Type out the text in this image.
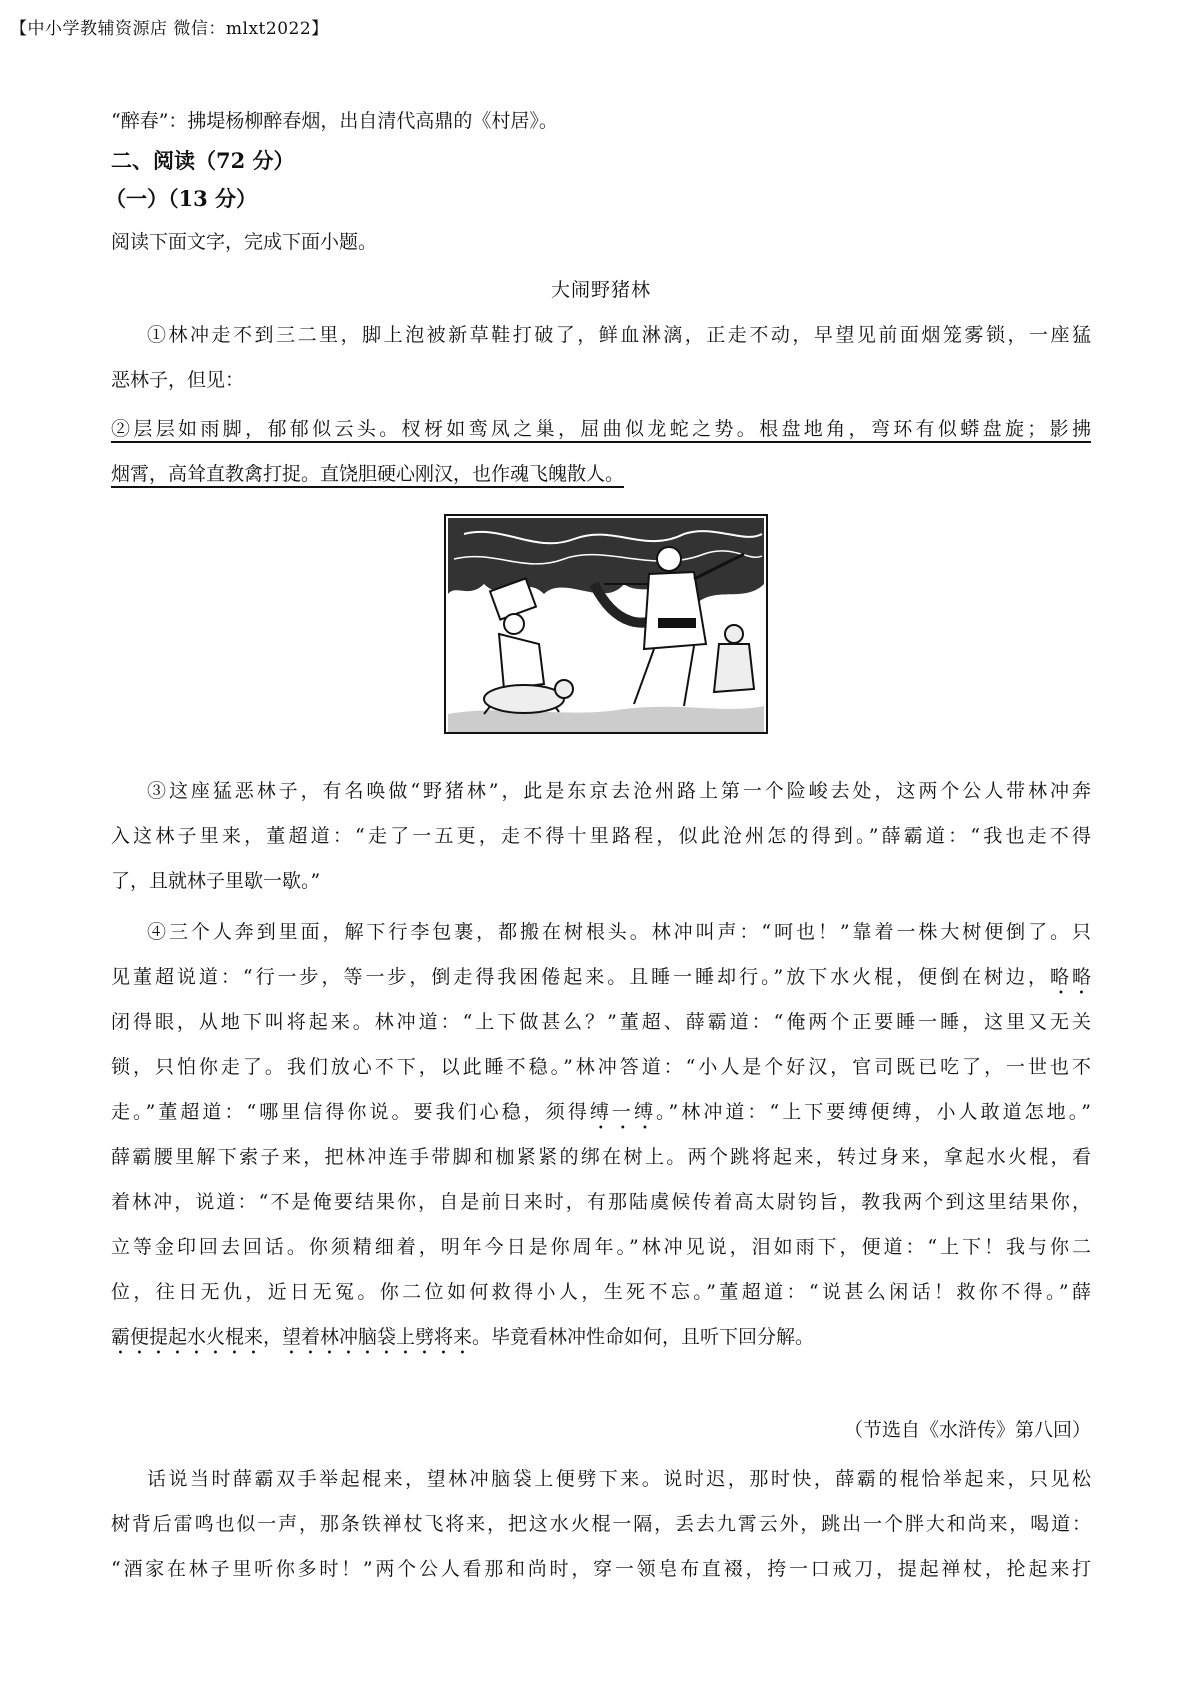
【中小学教辅资源店 微信：mlxt2022】
“醉春”：拂堤杨柳醉春烟，出自清代高鼎的《村居》。
二、阅读（72 分）
（一）（13 分）
阅读下面文字，完成下面小题。
大闹野猪林
①林冲走不到三二里，脚上泡被新草鞋打破了，鲜血淋漓，正走不动，早望见前面烟笼雾锁，一座猛
恶林子，但见：
②层层如雨脚，郁郁似云头。杈枒如鸾凤之巢，屈曲似龙蛇之势。根盘地角，弯环有似蟒盘旋；影拂
烟霄，高耸直教禽打捉。直饶胆硬心刚汉，也作魂飞魄散人。
③这座猛恶林子，有名唤做“野猪林”，此是东京去沧州路上第一个险峻去处，这两个公人带林冲奔
入这林子里来，董超道：“走了一五更，走不得十里路程，似此沧州怎的得到。”薛霸道：“我也走不得
了，且就林子里歇一歇。”
④三个人奔到里面，解下行李包裹，都搬在树根头。林冲叫声：“呵也！”靠着一株大树便倒了。只
见董超说道：“行一步，等一步，倒走得我困倦起来。且睡一睡却行。”放下水火棍，便倒在树边，略略
闭得眼，从地下叫将起来。林冲道：“上下做甚么？”董超、薛霸道：“俺两个正要睡一睡，这里又无关
锁，只怕你走了。我们放心不下，以此睡不稳。”林冲答道：“小人是个好汉，官司既已吃了，一世也不
走。”董超道：“哪里信得你说。要我们心稳，须得缚一缚。”林冲道：“上下要缚便缚，小人敢道怎地。”
薛霸腰里解下索子来，把林冲连手带脚和枷紧紧的绑在树上。两个跳将起来，转过身来，拿起水火棍，看
着林冲，说道：“不是俺要结果你，自是前日来时，有那陆虞候传着高太尉钧旨，教我两个到这里结果你，
立等金印回去回话。你须精细着，明年今日是你周年。”林冲见说，泪如雨下，便道：“上下！我与你二
位，往日无仇，近日无冤。你二位如何救得小人，生死不忘。”董超道：“说甚么闲话！救你不得。”薛
霸便提起水火棍来，望着林冲脑袋上劈将来。毕竟看林冲性命如何，且听下回分解。
（节选自《水浒传》第八回）
话说当时薛霸双手举起棍来，望林冲脑袋上便劈下来。说时迟，那时快，薛霸的棍恰举起来，只见松
树背后雷鸣也似一声，那条铁禅杖飞将来，把这水火棍一隔，丢去九霄云外，跳出一个胖大和尚来，喝道：
“酒家在林子里听你多时！”两个公人看那和尚时，穿一领皂布直裰，挎一口戒刀，提起禅杖，抡起来打
